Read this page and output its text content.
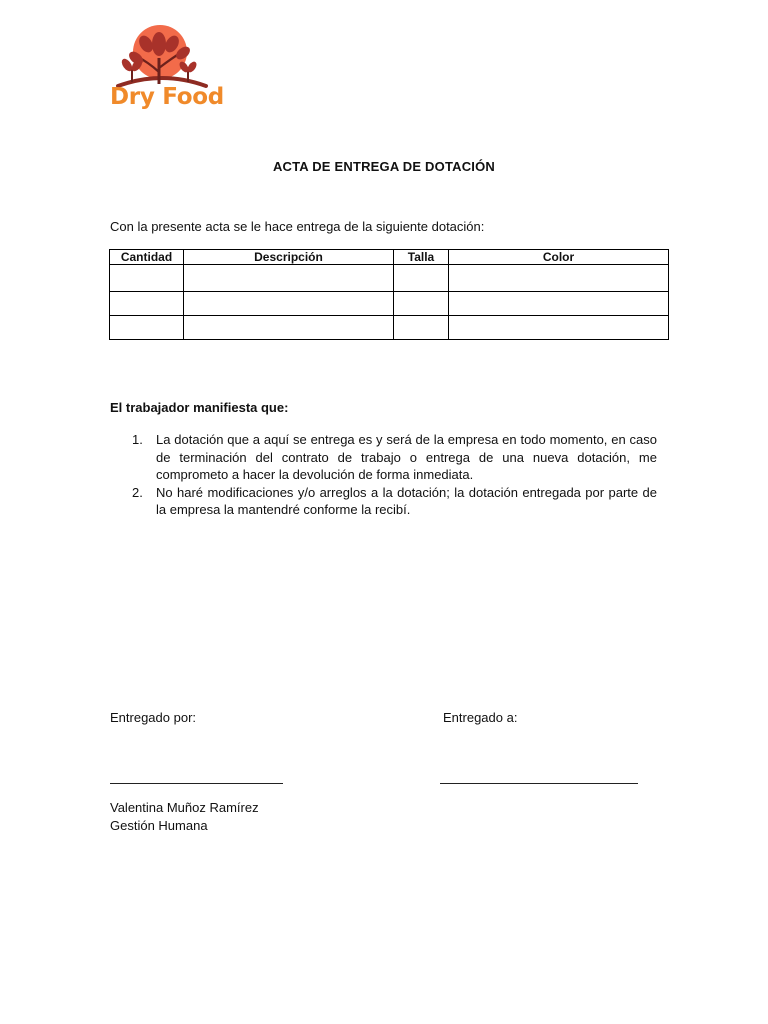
Dry Food
ACTA DE ENTREGA DE DOTACIÓN
Con la presente acta se le hace entrega de la siguiente dotación:
Cantidad	Descripción	Talla	Color

El trabajador manifiesta que:
1. La dotación que a aquí se entrega es y será de la empresa en todo momento, en caso de terminación del contrato de trabajo o entrega de una nueva dotación, me comprometo a hacer la devolución de forma inmediata.
2. No haré modificaciones y/o arreglos a la dotación; la dotación entregada por parte de la empresa la mantendré conforme la recibí.
Entregado por:	Entregado a:
Valentina Muñoz Ramírez
Gestión Humana
